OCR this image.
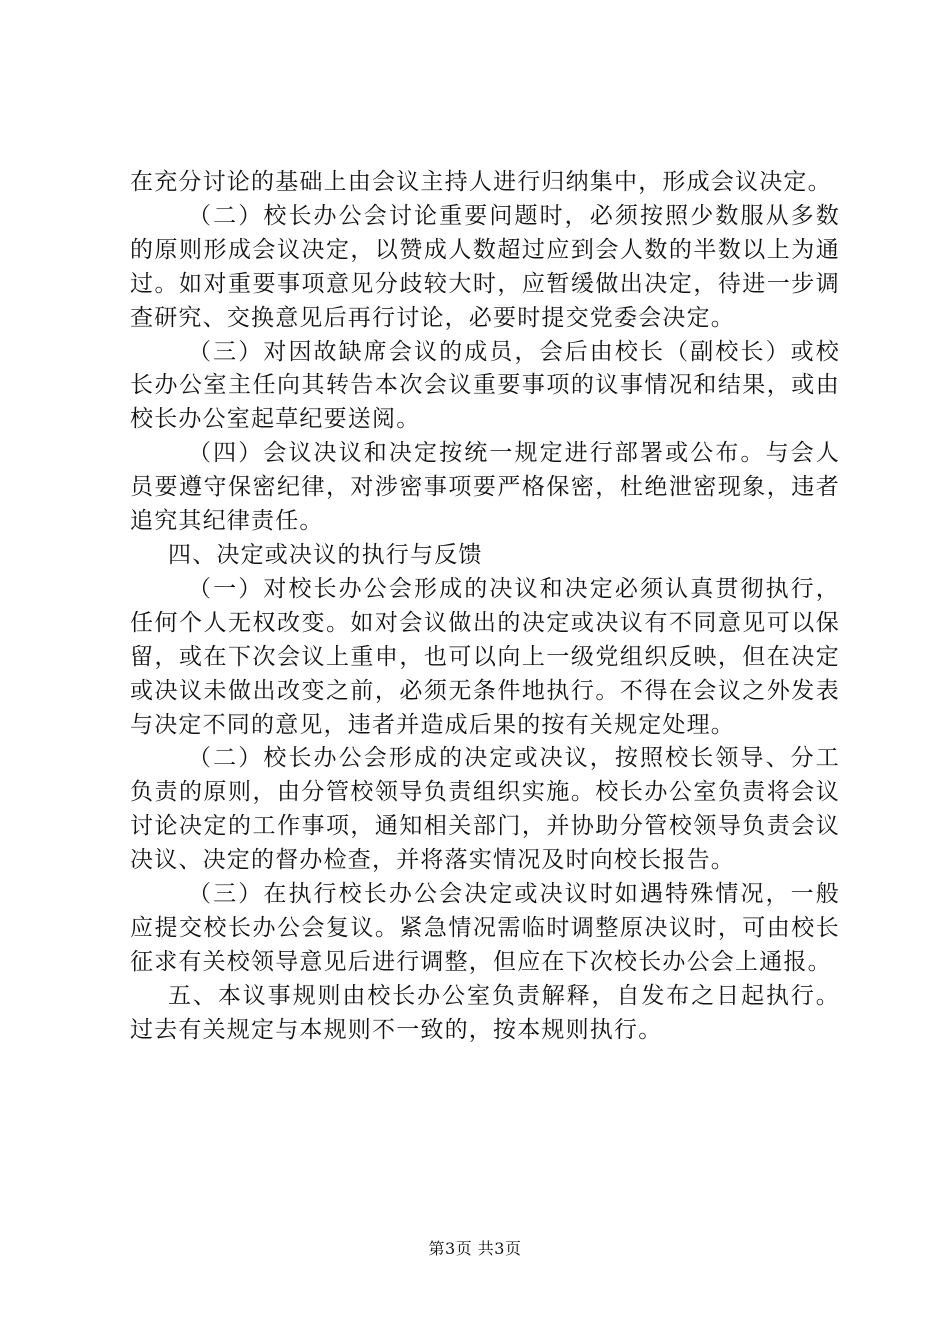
在充分讨论的基础上由会议主持人进行归纳集中，形成会议决定。

（二）校长办公会讨论重要问题时，必须按照少数服从多数的原则形成会议决定，以赞成人数超过应到会人数的半数以上为通过。如对重要事项意见分歧较大时，应暂缓做出决定，待进一步调查研究、交换意见后再行讨论，必要时提交党委会决定。

（三）对因故缺席会议的成员，会后由校长（副校长）或校长办公室主任向其转告本次会议重要事项的议事情况和结果，或由校长办公室起草纪要送阅。

（四）会议决议和决定按统一规定进行部署或公布。与会人员要遵守保密纪律，对涉密事项要严格保密，杜绝泄密现象，违者追究其纪律责任。

四、决定或决议的执行与反馈

（一）对校长办公会形成的决议和决定必须认真贯彻执行，任何个人无权改变。如对会议做出的决定或决议有不同意见可以保留，或在下次会议上重申，也可以向上一级党组织反映，但在决定或决议未做出改变之前，必须无条件地执行。不得在会议之外发表与决定不同的意见，违者并造成后果的按有关规定处理。

（二）校长办公会形成的决定或决议，按照校长领导、分工负责的原则，由分管校领导负责组织实施。校长办公室负责将会议讨论决定的工作事项，通知相关部门，并协助分管校领导负责会议决议、决定的督办检查，并将落实情况及时向校长报告。

（三）在执行校长办公会决定或决议时如遇特殊情况，一般应提交校长办公会复议。紧急情况需临时调整原决议时，可由校长征求有关校领导意见后进行调整，但应在下次校长办公会上通报。

五、本议事规则由校长办公室负责解释，自发布之日起执行。过去有关规定与本规则不一致的，按本规则执行。

第3页 共3页
